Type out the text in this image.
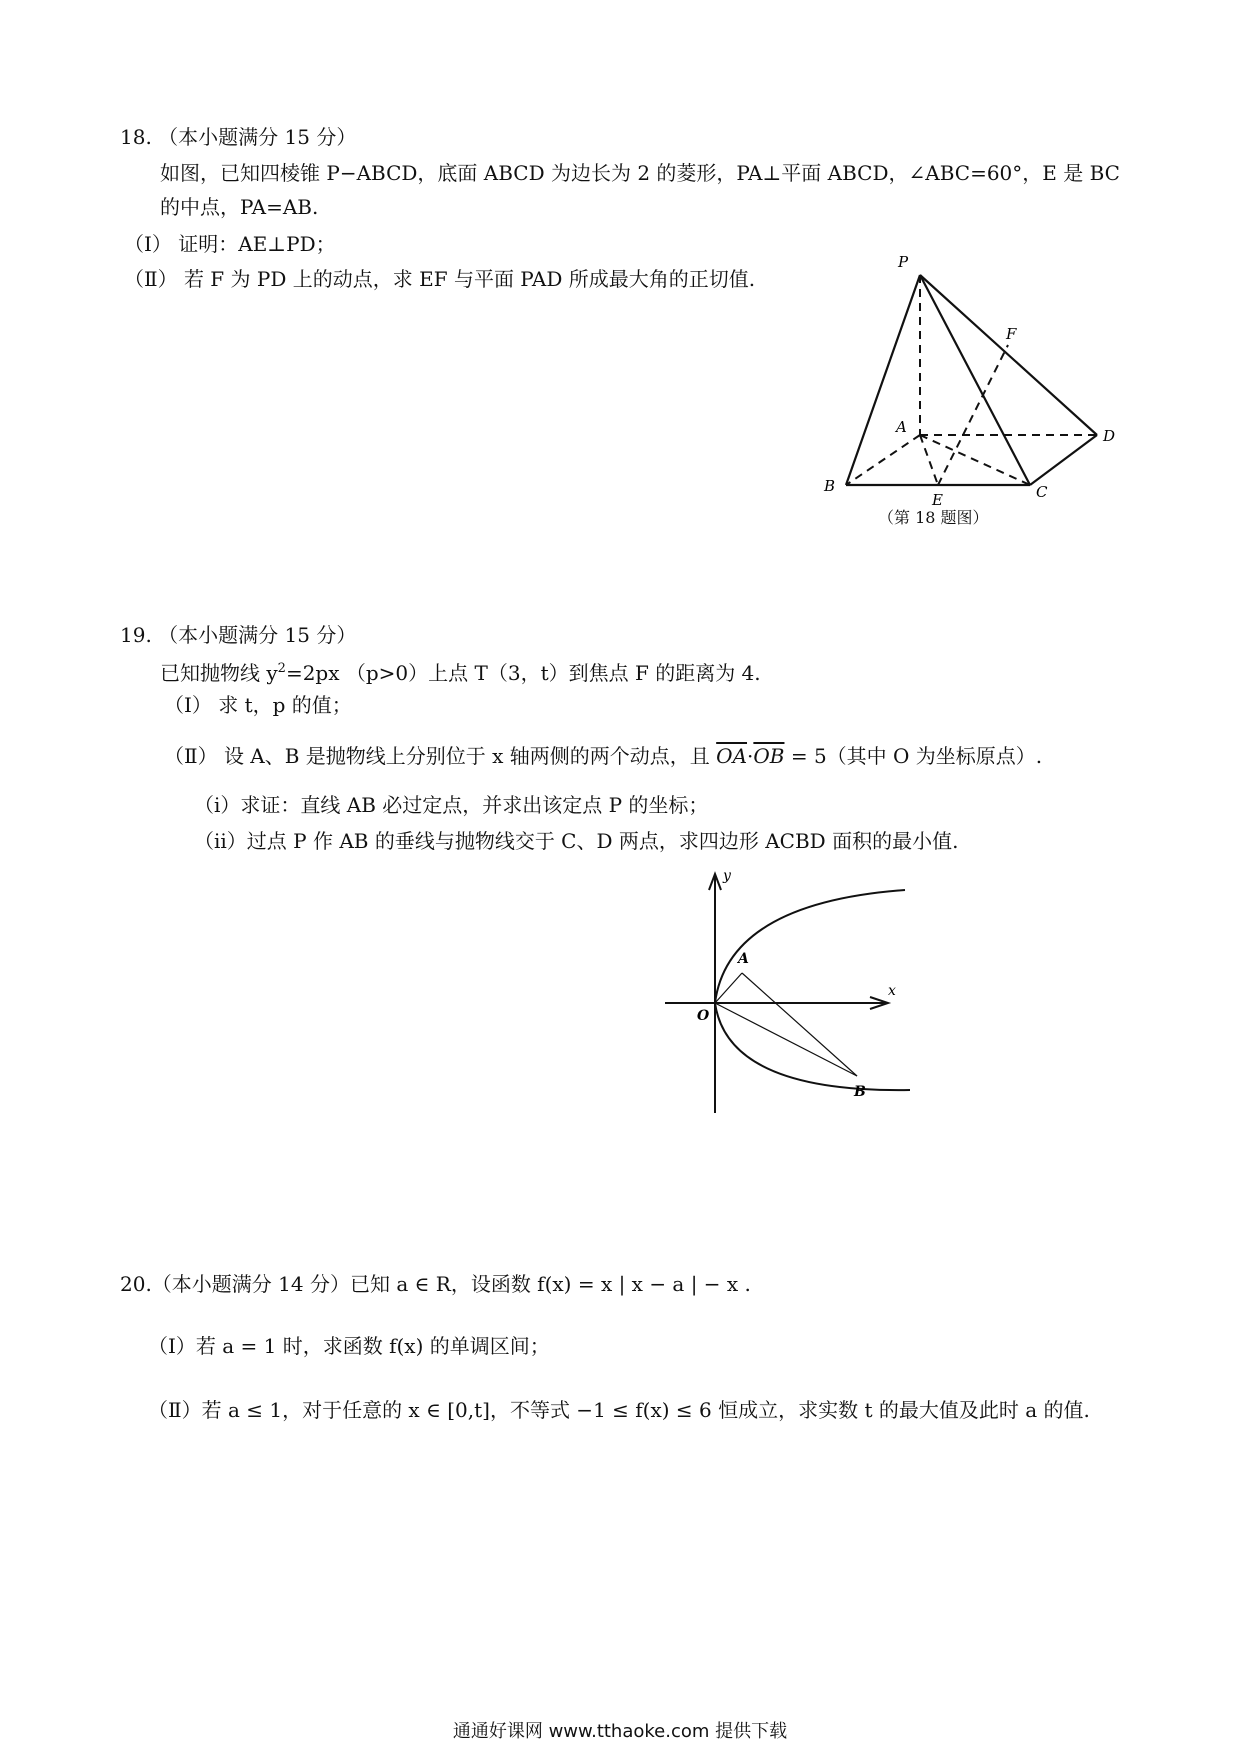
18. （本小题满分 15 分）
如图，已知四棱锥 P−ABCD，底面 ABCD 为边长为 2 的菱形，PA⊥平面 ABCD，∠ABC=60°，E 是 BC
的中点，PA=AB.
（Ⅰ） 证明：AE⊥PD；
（Ⅱ） 若 F 为 PD 上的动点，求 EF 与平面 PAD 所成最大角的正切值.
P
F
A	D
B
E	C
（第 18 题图）
19. （本小题满分 15 分）
已知抛物线 $y^2=2px$ （p>0）上点 T（3，t）到焦点 F 的距离为 4.
（Ⅰ） 求 t，p 的值；
（Ⅱ） 设 A、B 是抛物线上分别位于 x 轴两侧的两个动点，且 $\overline{OA}\cdot\overline{OB} = 5$（其中 O 为坐标原点）.
（ⅰ）求证：直线 AB 必过定点，并求出该定点 P 的坐标；
（ⅱ）过点 P 作 AB 的垂线与抛物线交于 C、D 两点，求四边形 ACBD 面积的最小值.
y
x
O
A
B
20.（本小题满分 14 分）已知 a ∈ R，设函数 f(x) = x | x − a | − x .
（Ⅰ）若 a = 1 时，求函数 f(x) 的单调区间；
（Ⅱ）若 a ≤ 1，对于任意的 x ∈ [0,t]，不等式 −1 ≤ f(x) ≤ 6 恒成立，求实数 t 的最大值及此时 a 的值.
通通好课网 www.tthaoke.com 提供下载
